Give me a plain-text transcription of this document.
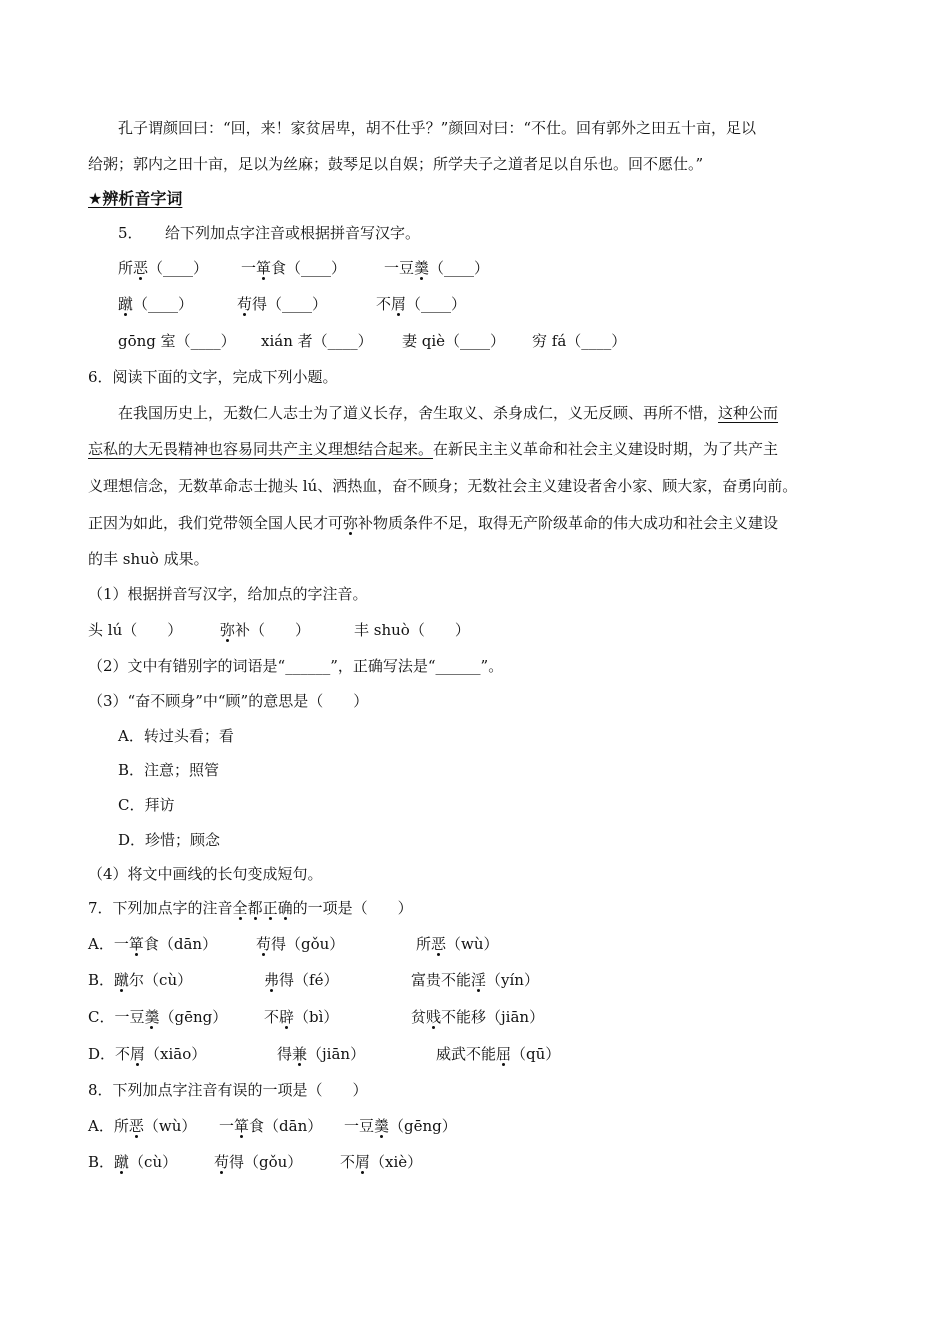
孔子谓颜回曰：“回，来！家贫居卑，胡不仕乎？”颜回对曰：“不仕。回有郭外之田五十亩，足以
给粥；郭内之田十亩，足以为丝麻；鼓琴足以自娱；所学夫子之道者足以自乐也。回不愿仕。”
★辨析音字词
5．　　给下列加点字注音或根据拼音写汉字。
所恶（____） 一箪食（____）	一豆羹（____）
蹴（____）	苟得（____）	不屑（____）
gōng 室（____） xián 者（____） 妻 qiè（____） 穷 fá（____）
6．阅读下面的文字，完成下列小题。
在我国历史上，无数仁人志士为了道义长存，舍生取义、杀身成仁，义无反顾、再所不惜，这种公而
忘私的大无畏精神也容易同共产主义理想结合起来。在新民主主义革命和社会主义建设时期，为了共产主
义理想信念，无数革命志士抛头 lú、洒热血，奋不顾身；无数社会主义建设者舍小家、顾大家，奋勇向前。
正因为如此，我们党带领全国人民才可弥补物质条件不足，取得无产阶级革命的伟大成功和社会主义建设
的丰 shuò 成果。
（1）根据拼音写汉字，给加点的字注音。
头 lú（ ）	弥补（　　）	丰 shuò（ ）
（2）文中有错别字的词语是“______”，正确写法是“______”。
（3）“奋不顾身”中“顾”的意思是（　　）
A．转过头看；看
B．注意；照管
C．拜访
D．珍惜；顾念
（4）将文中画线的长句变成短句。
7．下列加点字的注音全都正确的一项是（　　）
A．一箪食（dān）	苟得（gǒu）	所恶（wù）
B．蹴尔（cù）	弗得（fé）	富贵不能淫（yín）
C．一豆羹（gēng） 不辟（bì）	贫贱不能移（jiān）
D．不屑（xiāo）	得兼（jiān）	威武不能屈（qū）
8．下列加点字注音有误的一项是（　　）
A．所恶（wù） 一箪食（dān） 一豆羹（gēng）
B．蹴（cù） 苟得（gǒu）	不屑（xiè）
